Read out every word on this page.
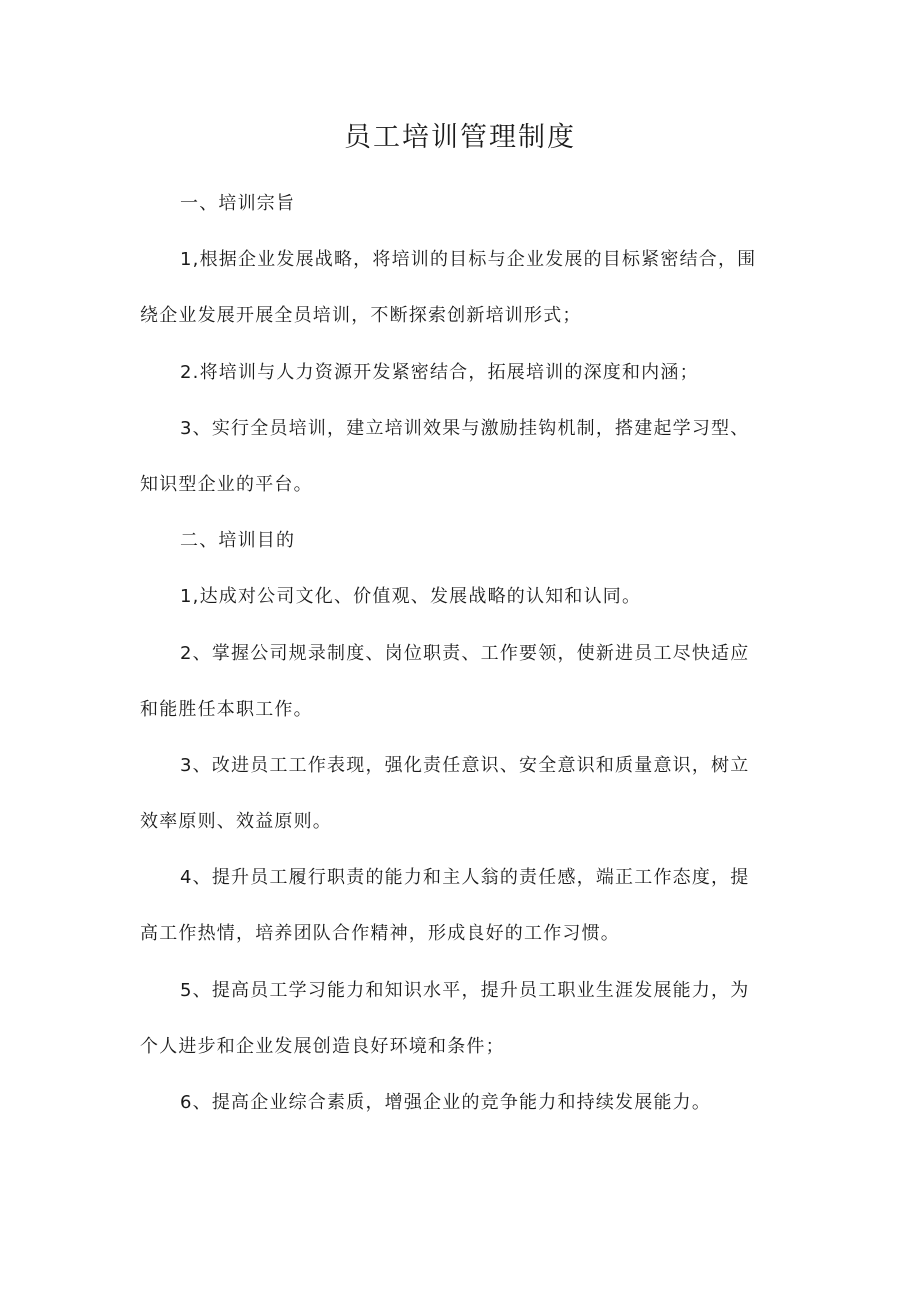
员工培训管理制度

一、培训宗旨

1,根据企业发展战略，将培训的目标与企业发展的目标紧密结合，围

绕企业发展开展全员培训，不断探索创新培训形式；

2.将培训与人力资源开发紧密结合，拓展培训的深度和内涵；

3、实行全员培训，建立培训效果与激励挂钩机制，搭建起学习型、

知识型企业的平台。

二、培训目的

1,达成对公司文化、价值观、发展战略的认知和认同。

2、掌握公司规录制度、岗位职责、工作要领，使新进员工尽快适应

和能胜任本职工作。

3、改进员工工作表现，强化责任意识、安全意识和质量意识，树立

效率原则、效益原则。

4、提升员工履行职责的能力和主人翁的责任感，端正工作态度，提

高工作热情，培养团队合作精神，形成良好的工作习惯。

5、提高员工学习能力和知识水平，提升员工职业生涯发展能力，为

个人进步和企业发展创造良好环境和条件；

6、提高企业综合素质，增强企业的竞争能力和持续发展能力。
